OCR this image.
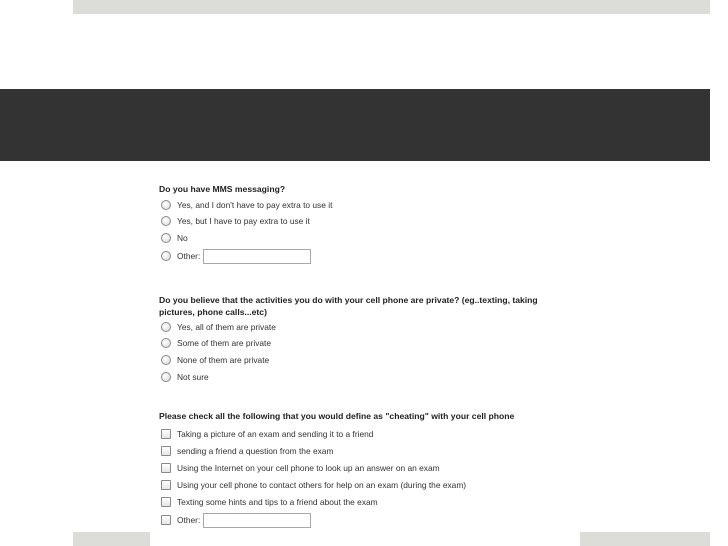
Do you have MMS messaging?
Yes, and I don't have to pay extra to use it
Yes, but I have to pay extra to use it
No
Other:
Do you believe that the activities you do with your cell phone are private? (eg..texting, taking
pictures, phone calls...etc)
Yes, all of them are private
Some of them are private
None of them are private
Not sure
Please check all the following that you would define as "cheating" with your cell phone
Taking a picture of an exam and sending it to a friend
sending a friend a question from the exam
Using the Internet on your cell phone to look up an answer on an exam
Using your cell phone to contact others for help on an exam (during the exam)
Texting some hints and tips to a friend about the exam
Other:
